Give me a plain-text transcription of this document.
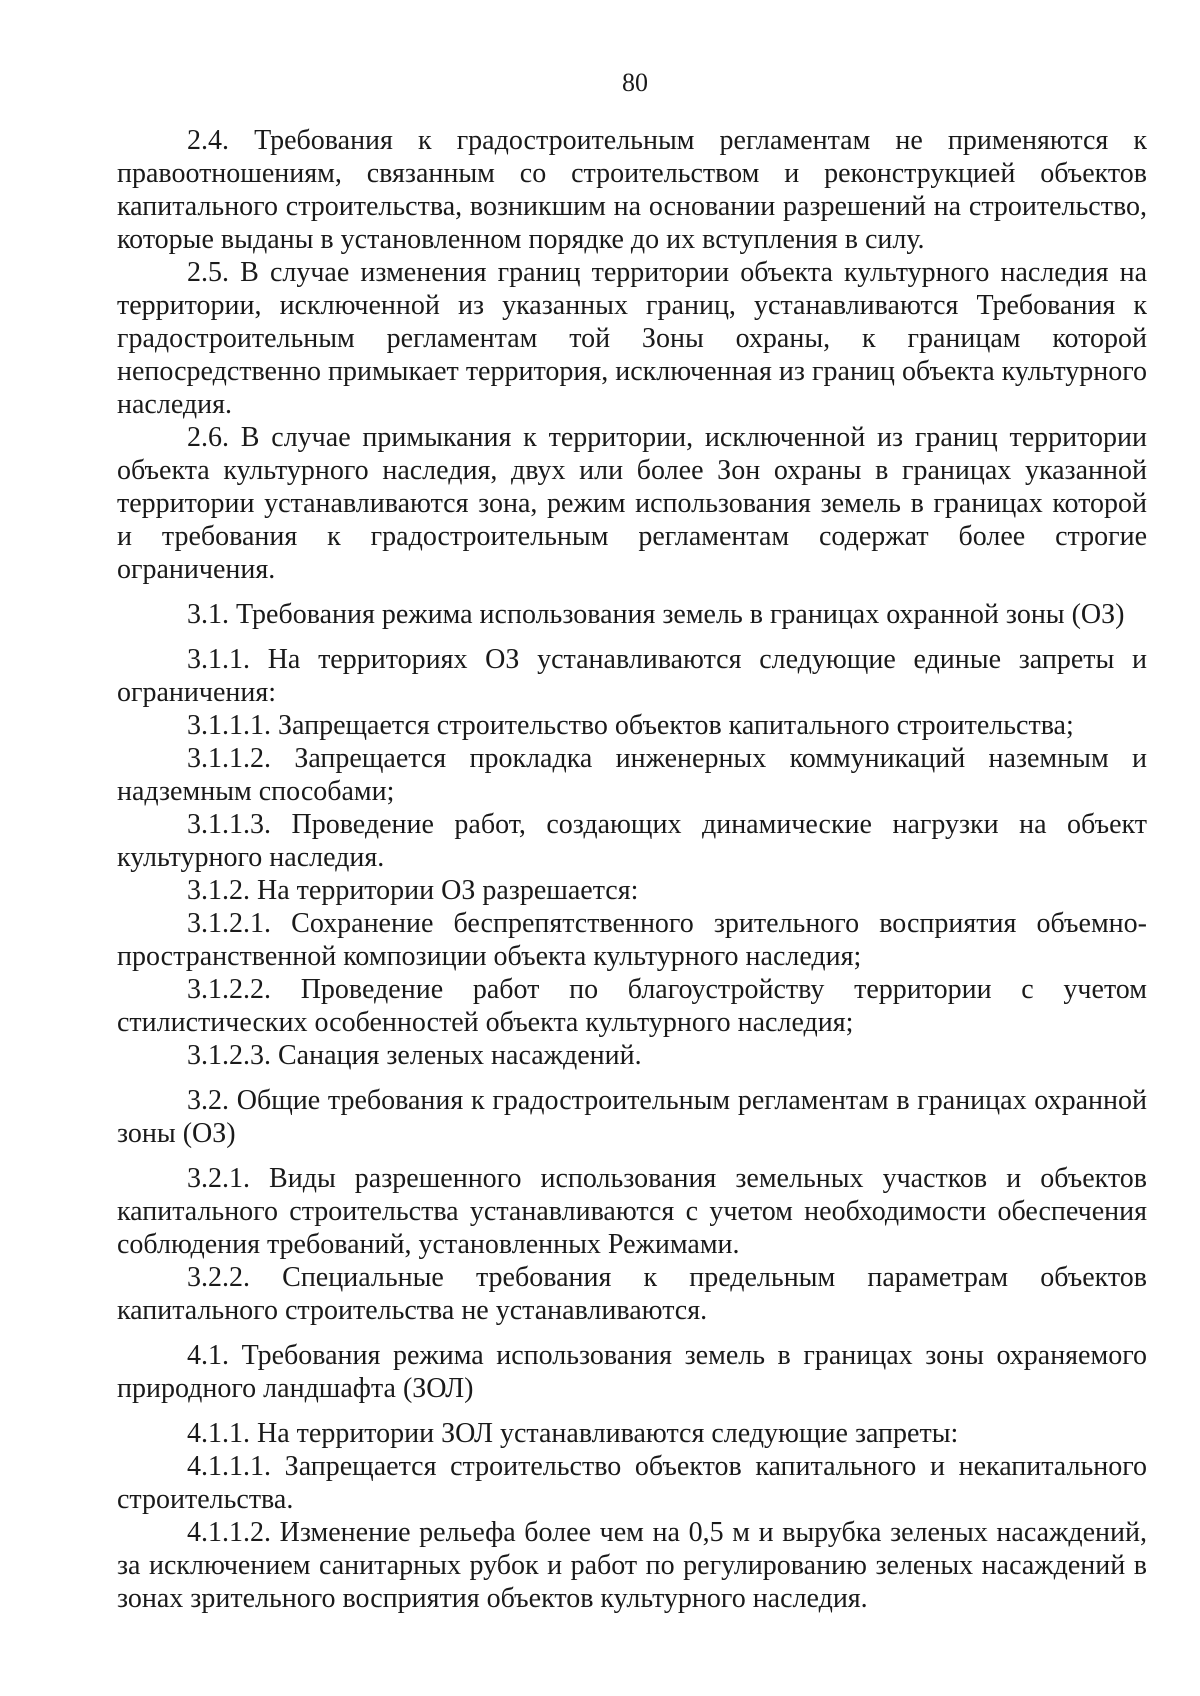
80

2.4. Требования к градостроительным регламентам не применяются к правоотношениям, связанным со строительством и реконструкцией объектов капитального строительства, возникшим на основании разрешений на строительство, которые выданы в установленном порядке до их вступления в силу.

2.5. В случае изменения границ территории объекта культурного наследия на территории, исключенной из указанных границ, устанавливаются Требования к градостроительным регламентам той Зоны охраны, к границам которой непосредственно примыкает территория, исключенная из границ объекта культурного наследия.

2.6. В случае примыкания к территории, исключенной из границ территории объекта культурного наследия, двух или более Зон охраны в границах указанной территории устанавливаются зона, режим использования земель в границах которой и требования к градостроительным регламентам содержат более строгие ограничения.

3.1. Требования режима использования земель в границах охранной зоны (ОЗ)

3.1.1. На территориях ОЗ устанавливаются следующие единые запреты и ограничения:

3.1.1.1. Запрещается строительство объектов капитального строительства;

3.1.1.2. Запрещается прокладка инженерных коммуникаций наземным и надземным способами;

3.1.1.3. Проведение работ, создающих динамические нагрузки на объект культурного наследия.

3.1.2. На территории ОЗ разрешается:

3.1.2.1. Сохранение беспрепятственного зрительного восприятия объемно-пространственной композиции объекта культурного наследия;

3.1.2.2. Проведение работ по благоустройству территории с учетом стилистических особенностей объекта культурного наследия;

3.1.2.3. Санация зеленых насаждений.

3.2. Общие требования к градостроительным регламентам в границах охранной зоны (ОЗ)

3.2.1. Виды разрешенного использования земельных участков и объектов капитального строительства устанавливаются с учетом необходимости обеспечения соблюдения требований, установленных Режимами.

3.2.2. Специальные требования к предельным параметрам объектов капитального строительства не устанавливаются.

4.1. Требования режима использования земель в границах зоны охраняемого природного ландшафта (ЗОЛ)

4.1.1. На территории ЗОЛ устанавливаются следующие запреты:

4.1.1.1. Запрещается строительство объектов капитального и некапитального строительства.

4.1.1.2. Изменение рельефа более чем на 0,5 м и вырубка зеленых насаждений, за исключением санитарных рубок и работ по регулированию зеленых насаждений в зонах зрительного восприятия объектов культурного наследия.
